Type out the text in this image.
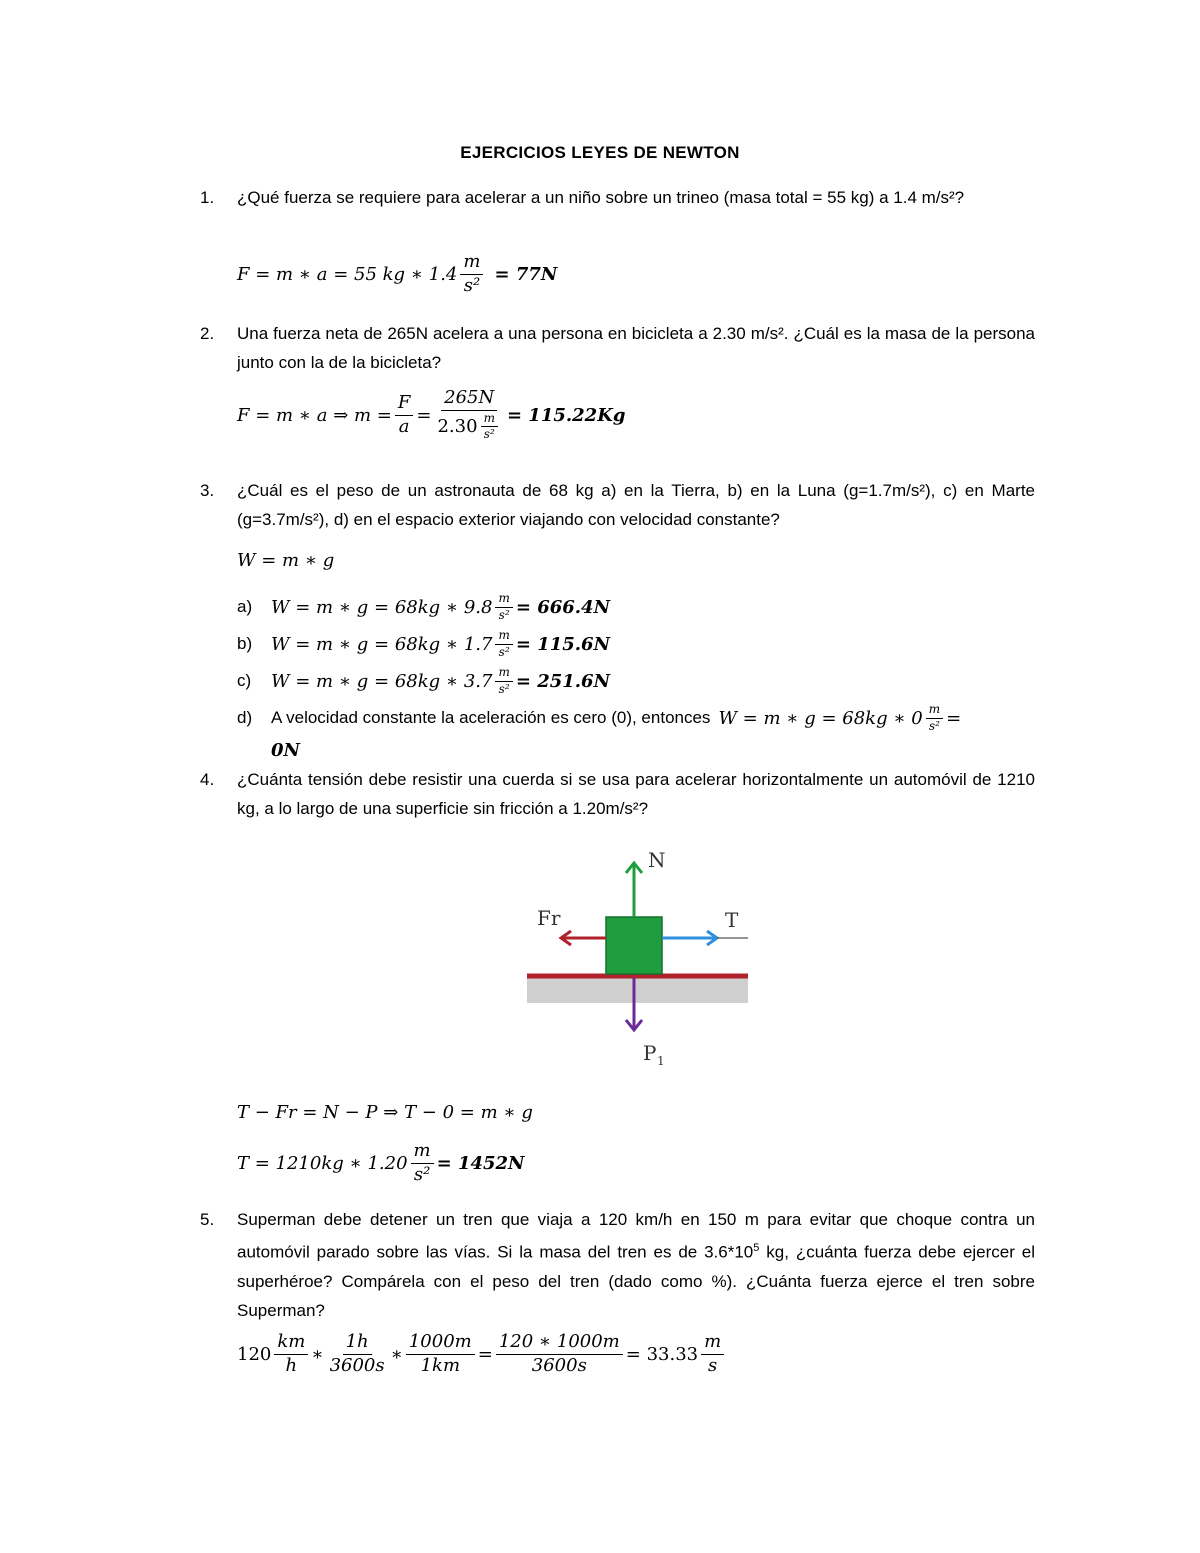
EJERCICIOS LEYES DE NEWTON
1. ¿Qué fuerza se requiere para acelerar a un niño sobre un trineo (masa total = 55 kg) a 1.4 m/s²?
F = m ∗ a = 55 kg ∗ $1.4 \frac{m}{\text{s²}} = 77N$
2. Una fuerza neta de 265N acelera a una persona en bicicleta a 2.30 m/s². ¿Cuál es la masa de la persona junto con la de la bicicleta?
F = m ∗ a ⇒ $m = \frac{F}{a} = \frac{265N}{2.30 \frac{m}{\text{s²}}} = 115.22Kg$
3. ¿Cuál es el peso de un astronauta de 68 kg a) en la Tierra, b) en la Luna (g=1.7m/s²), c) en Marte (g=3.7m/s²), d) en el espacio exterior viajando con velocidad constante?
W = m ∗ g
a)	W = m ∗ g = 68kg ∗ $9.8 \frac{m}{\text{s²}} = 666.4N$
b)	W = m ∗ g = 68kg ∗ $1.7 \frac{m}{\text{s²}} = 115.6N$
c)	W = m ∗ g = 68kg ∗ $3.7 \frac{m}{\text{s²}} = 251.6N$
d)	A velocidad constante la aceleración es cero (0), entonces W = m ∗ g = 68kg ∗ $0 \frac{m}{\text{s²}}$ =
0N
4. ¿Cuánta tensión debe resistir una cuerda si se usa para acelerar horizontalmente un automóvil de 1210 kg, a lo largo de una superficie sin fricción a 1.20m/s²?
N
Fr	T
P 1
T − Fr = N − P ⇒ T − 0 = m ∗ g
T = 1210kg ∗ $1.20 \frac{m}{\text{s²}} = 1452N$
5. Superman debe detener un tren que viaja a 120 km/h en 150 m para evitar que choque contra un automóvil parado sobre las vías. Si la masa del tren es de $3.6*10^5$ kg, ¿cuánta fuerza debe ejercer el superhéroe? Compárela con el peso del tren (dado como %). ¿Cuánta fuerza ejerce el tren sobre Superman?
$120 \frac{km}{h}$ ∗ $\frac{1h}{3600s}$ ∗ $\frac{1000m}{1km} = \frac{120 ∗ 1000m}{3600s} = 33.33 \frac{m}{s}$
